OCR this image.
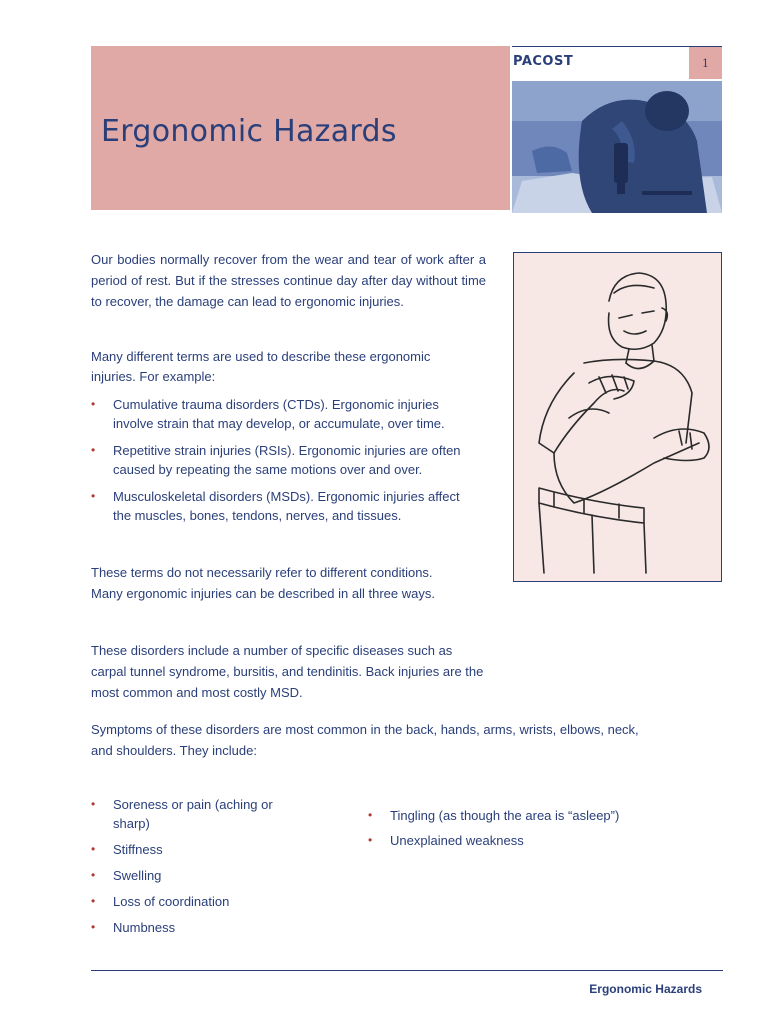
Ergonomic Hazards
PACOST	1
Our bodies normally recover from the wear and tear of work after a period of rest. But if the stresses continue day after day without time to recover, the damage can lead to ergonomic injuries.
Many different terms are used to describe these ergonomic injuries. For example:
• Cumulative trauma disorders (CTDs). Ergonomic injuries involve strain that may develop, or accumulate, over time.
• Repetitive strain injuries (RSIs). Ergonomic injuries are often caused by repeating the same motions over and over.
• Musculoskeletal disorders (MSDs). Ergonomic injuries affect the muscles, bones, tendons, nerves, and tissues.
These terms do not necessarily refer to different conditions. Many ergonomic injuries can be described in all three ways.
These disorders include a number of specific diseases such as carpal tunnel syndrome, bursitis, and tendinitis. Back injuries are the most common and most costly MSD.
Symptoms of these disorders are most common in the back, hands, arms, wrists, elbows, neck, and shoulders. They include:
• Soreness or pain (aching or sharp)
• Stiffness
• Swelling
• Loss of coordination
• Numbness
• Tingling (as though the area is “asleep”)
• Unexplained weakness
Ergonomic Hazards
